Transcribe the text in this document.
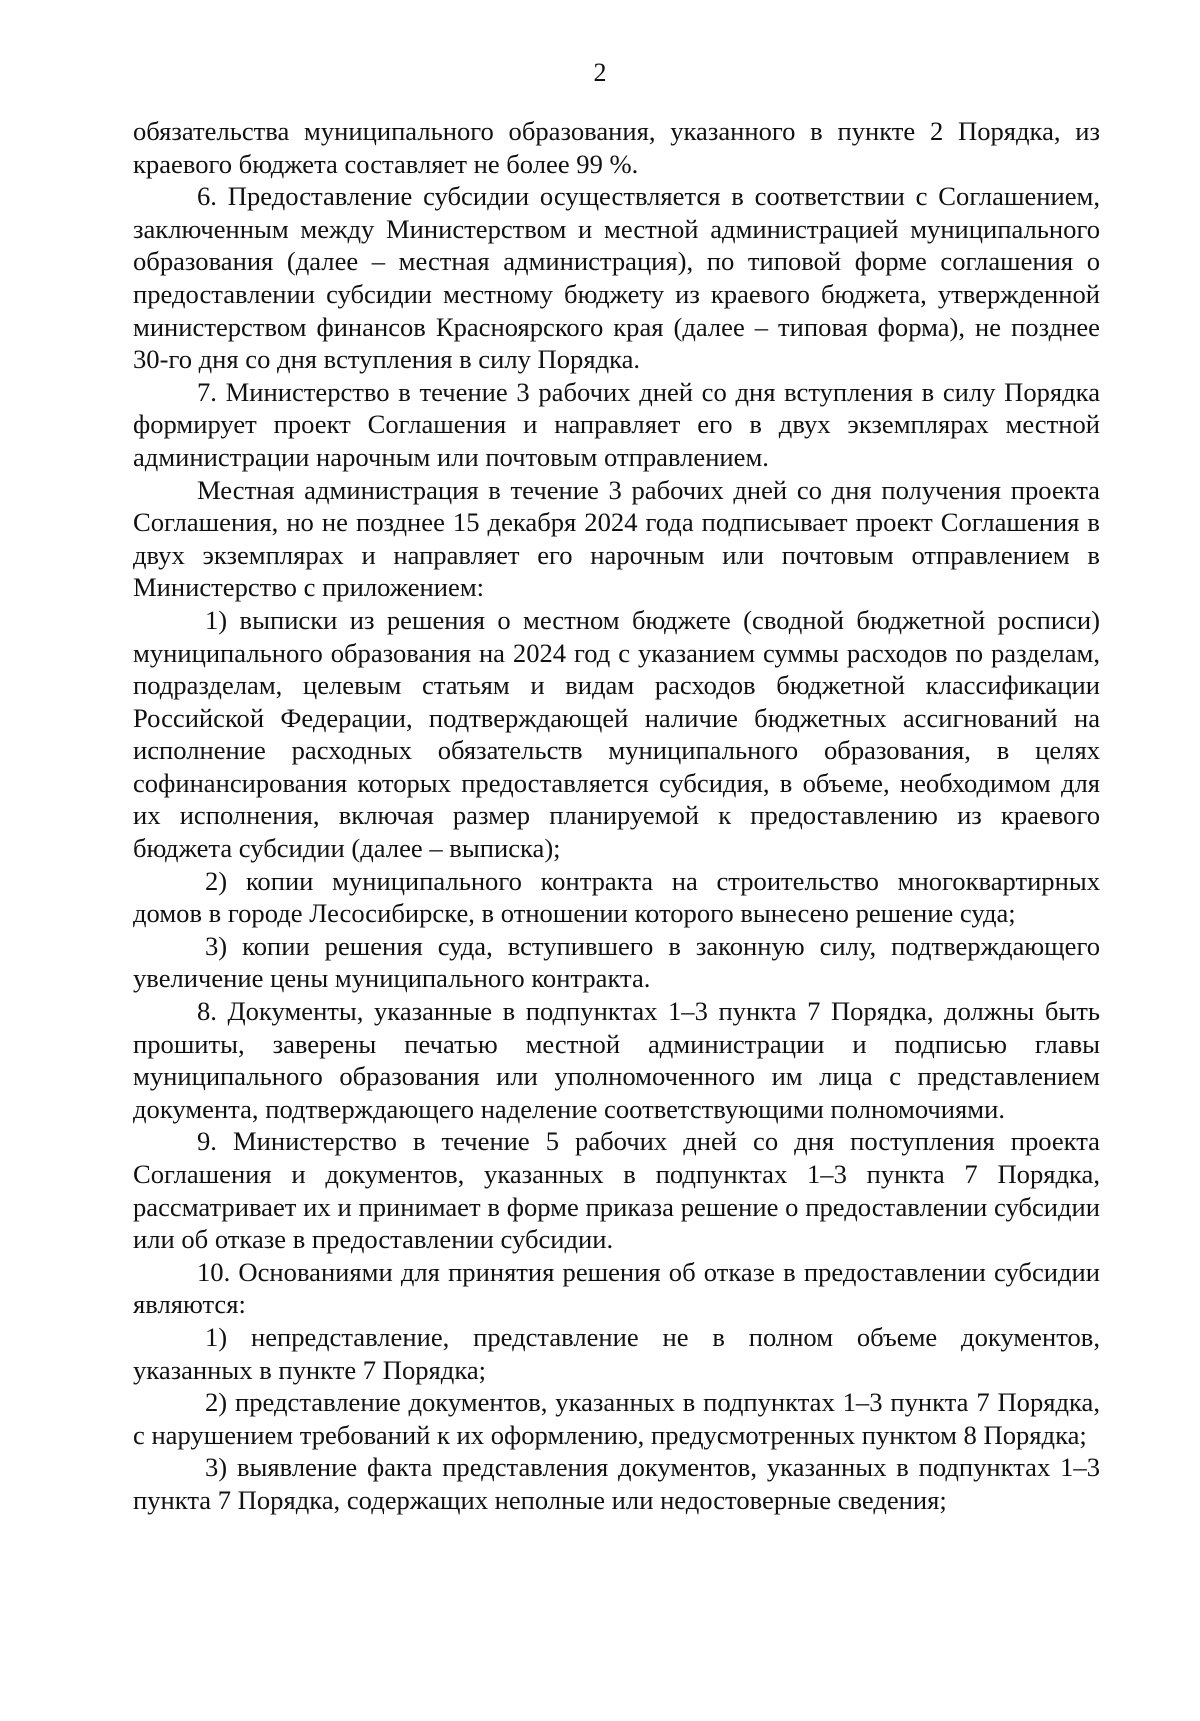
2

обязательства муниципального образования, указанного в пункте 2 Порядка, из краевого бюджета составляет не более 99 %.

6. Предоставление субсидии осуществляется в соответствии с Соглашением, заключенным между Министерством и местной администрацией муниципального образования (далее – местная администрация), по типовой форме соглашения о предоставлении субсидии местному бюджету из краевого бюджета, утвержденной министерством финансов Красноярского края (далее – типовая форма), не позднее 30-го дня со дня вступления в силу Порядка.

7. Министерство в течение 3 рабочих дней со дня вступления в силу Порядка формирует проект Соглашения и направляет его в двух экземплярах местной администрации нарочным или почтовым отправлением.

Местная администрация в течение 3 рабочих дней со дня получения проекта Соглашения, но не позднее 15 декабря 2024 года подписывает проект Соглашения в двух экземплярах и направляет его нарочным или почтовым отправлением в Министерство с приложением:

1) выписки из решения о местном бюджете (сводной бюджетной росписи) муниципального образования на 2024 год с указанием суммы расходов по разделам, подразделам, целевым статьям и видам расходов бюджетной классификации Российской Федерации, подтверждающей наличие бюджетных ассигнований на исполнение расходных обязательств муниципального образования, в целях софинансирования которых предоставляется субсидия, в объеме, необходимом для их исполнения, включая размер планируемой к предоставлению из краевого бюджета субсидии (далее – выписка);

2) копии муниципального контракта на строительство многоквартирных домов в городе Лесосибирске, в отношении которого вынесено решение суда;

3) копии решения суда, вступившего в законную силу, подтверждающего увеличение цены муниципального контракта.

8. Документы, указанные в подпунктах 1–3 пункта 7 Порядка, должны быть прошиты, заверены печатью местной администрации и подписью главы муниципального образования или уполномоченного им лица с представлением документа, подтверждающего наделение соответствующими полномочиями.

9. Министерство в течение 5 рабочих дней со дня поступления проекта Соглашения и документов, указанных в подпунктах 1–3 пункта 7 Порядка, рассматривает их и принимает в форме приказа решение о предоставлении субсидии или об отказе в предоставлении субсидии.

10. Основаниями для принятия решения об отказе в предоставлении субсидии являются:

1) непредставление, представление не в полном объеме документов, указанных в пункте 7 Порядка;

2) представление документов, указанных в подпунктах 1–3 пункта 7 Порядка, с нарушением требований к их оформлению, предусмотренных пунктом 8 Порядка;

3) выявление факта представления документов, указанных в подпунктах 1–3 пункта 7 Порядка, содержащих неполные или недостоверные сведения;
